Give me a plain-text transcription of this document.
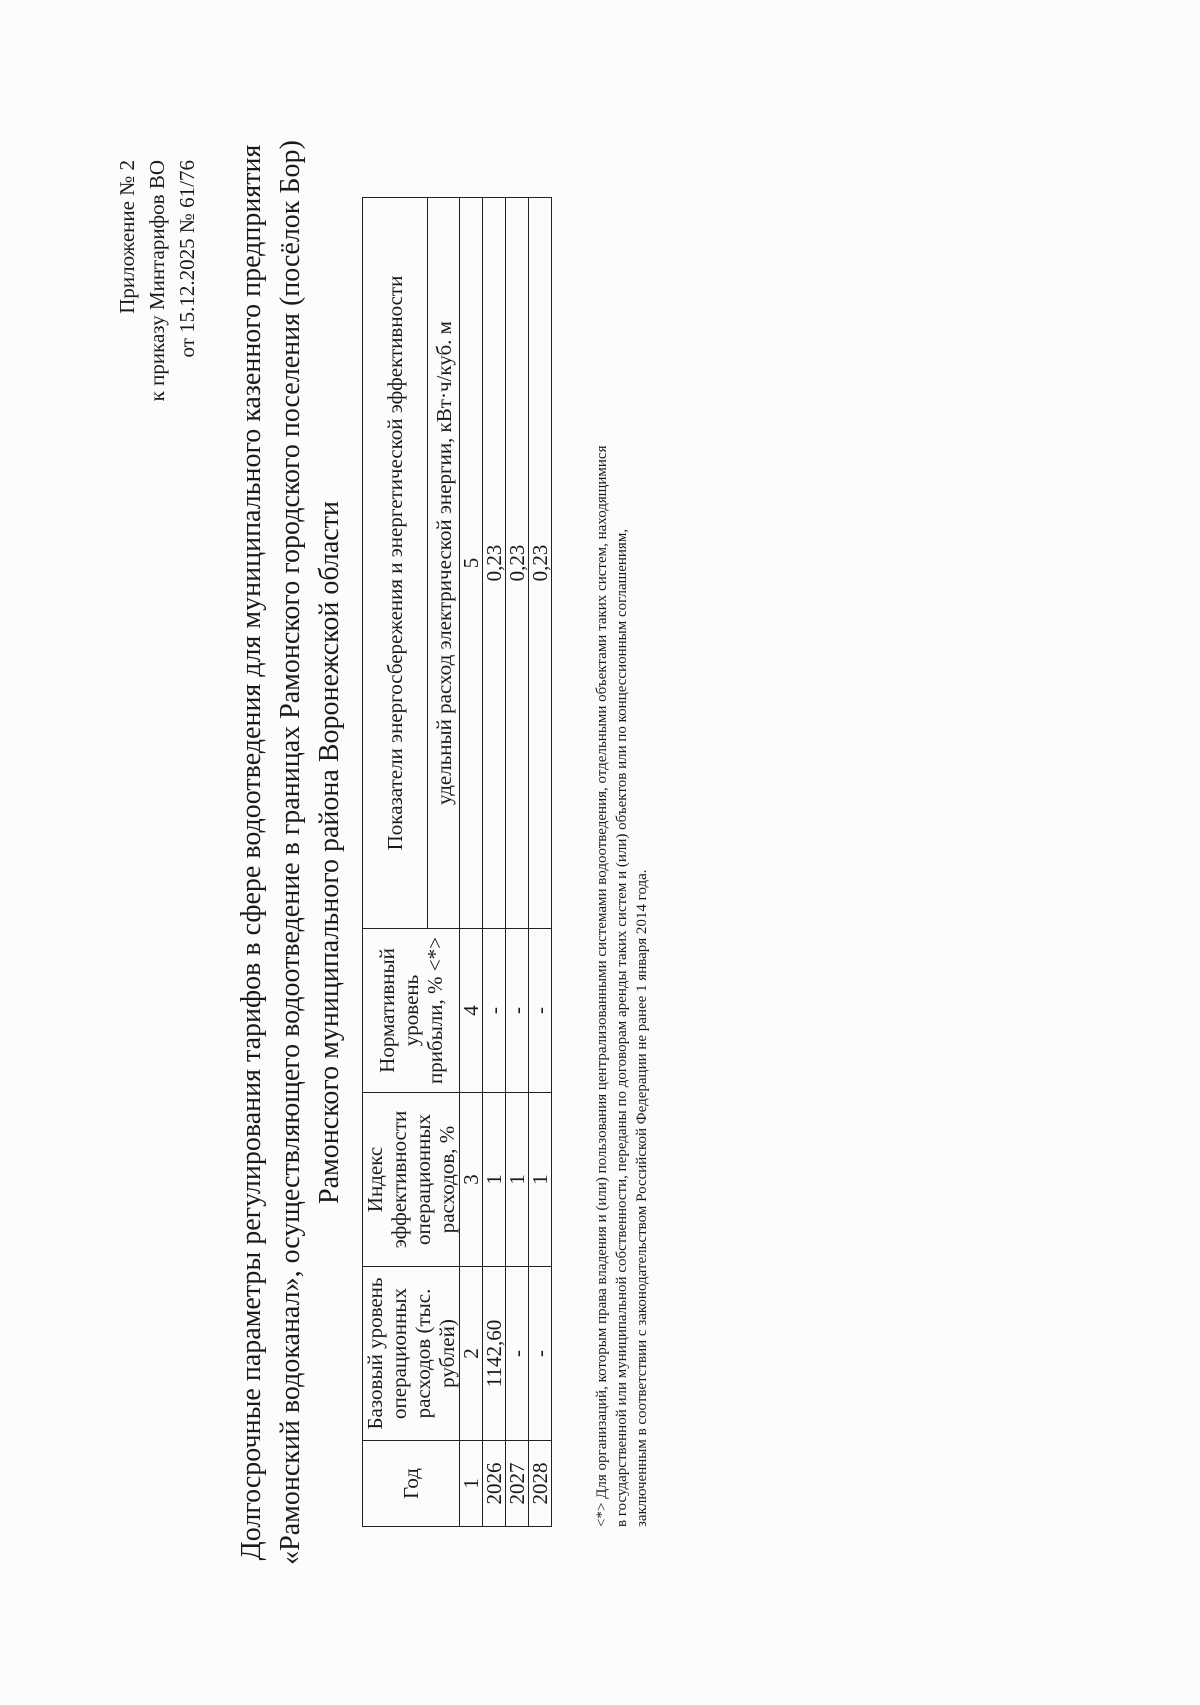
Приложение № 2 к приказу Минтарифов ВО от 15.12.2025 № 61/76 Долгосрочные параметры регулирования тарифов в сфере водоотведения для муниципального казенного предприятия «Рамонский водоканал», осуществляющего водоотведение в границах Рамонского городского поселения (посёлок Бор) Рамонского муниципального района Воронежской области
Год	Базовый уровень операционных расходов (тыс. рублей)	Индекс эффективности операционных расходов, %	Нормативный уровень прибыли, % <*>	Показатели энергосбережения и энергетической эффективности
				удельный расход электрической энергии, кВт·ч/куб. м
1	2	3	4	5
2026	1142,60	1	-	0,23
2027	-	1	-	0,23
2028	-	1	-	0,23	<*> Для организаций, которым права владения и (или) пользования централизованными системами водоотведения, отдельными объектами таких систем, находящимися в государственной или муниципальной собственности, переданы по договорам аренды таких систем и (или) объектов или по концессионным соглашениям, заключенным в соответствии с законодательством Российской Федерации не ранее 1 января 2014 года.
